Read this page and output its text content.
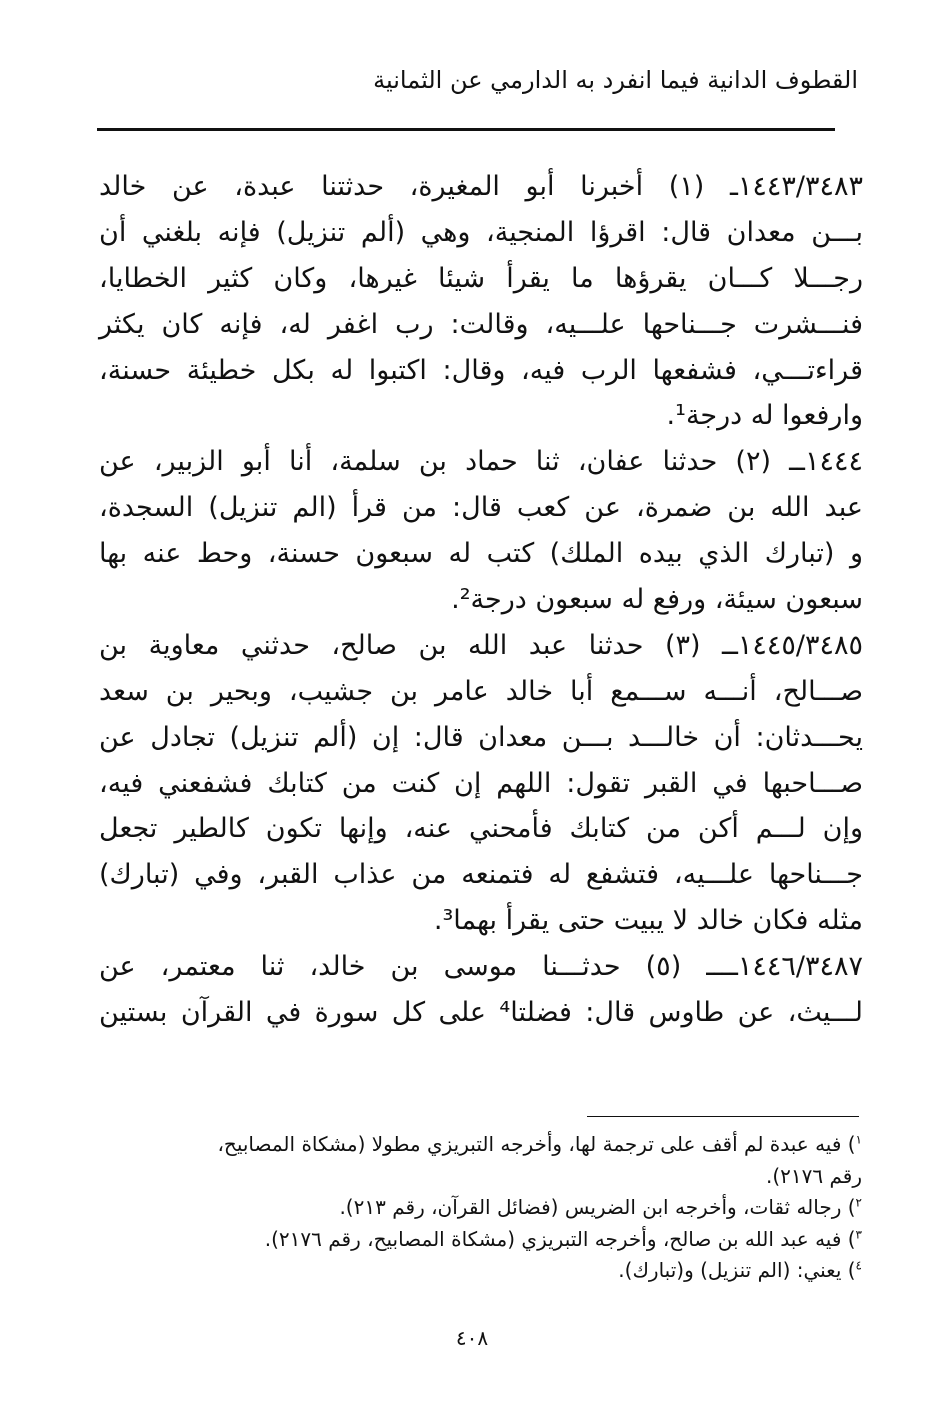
القطوف الدانية فيما انفرد به الدارمي عن الثمانية
١٤٤٣/٣٤٨٣ـ (١) أخبرنا أبو المغيرة، حدثتنا عبدة، عن خالد
بـــن معدان قال: اقرؤا المنجية، وهي (ألم تنزيل) فإنه بلغني أن
رجـــلا كـــان يقرؤها ما يقرأ شيئا غيرها، وكان كثير الخطايا،
فنـــشرت جـــناحها علـــيه، وقالت: رب اغفر له، فإنه كان يكثر
قراءتـــي، فشفعها الرب فيه، وقال: اكتبوا له بكل خطيئة حسنة،
وارفعوا له درجة¹.
١٤٤٤ــ (٢) حدثنا عفان، ثنا حماد بن سلمة، أنا أبو الزبير، عن
عبد الله بن ضمرة، عن كعب قال: من قرأ (الم تنزيل) السجدة،
و (تبارك الذي بيده الملك) كتب له سبعون حسنة، وحط عنه بها
سبعون سيئة، ورفع له سبعون درجة².
١٤٤٥/٣٤٨٥ــ (٣) حدثنا عبد الله بن صالح، حدثني معاوية بن
صـــالح، أنـــه ســـمع أبا خالد عامر بن جشيب، وبحير بن سعد
يحـــدثان: أن خالـــد بـــن معدان قال: إن (ألم تنزيل) تجادل عن
صـــاحبها في القبر تقول: اللهم إن كنت من كتابك فشفعني فيه،
وإن لـــم أكن من كتابك فأمحني عنه، وإنها تكون كالطير تجعل
جـــناحها علـــيه، فتشفع له فتمنعه من عذاب القبر، وفي (تبارك)
مثله فكان خالد لا يبيت حتى يقرأ بهما³.
١٤٤٦/٣٤٨٧ــــ (٥) حدثـــنا موسى بن خالد، ثنا معتمر، عن
لـــيث، عن طاوس قال: فضلتا⁴ على كل سورة في القرآن بستين
$^١$) فيه عبدة لم أقف على ترجمة لها، وأخرجه التبريزي مطولا (مشكاة المصابيح،
رقم ٢١٧٦).
$^٢$) رجاله ثقات، وأخرجه ابن الضريس (فضائل القرآن، رقم ٢١٣).
$^٣$) فيه عبد الله بن صالح، وأخرجه التبريزي (مشكاة المصابيح، رقم ٢١٧٦).
$^٤$) يعني: (الم تنزيل) و(تبارك).
٤٠٨
